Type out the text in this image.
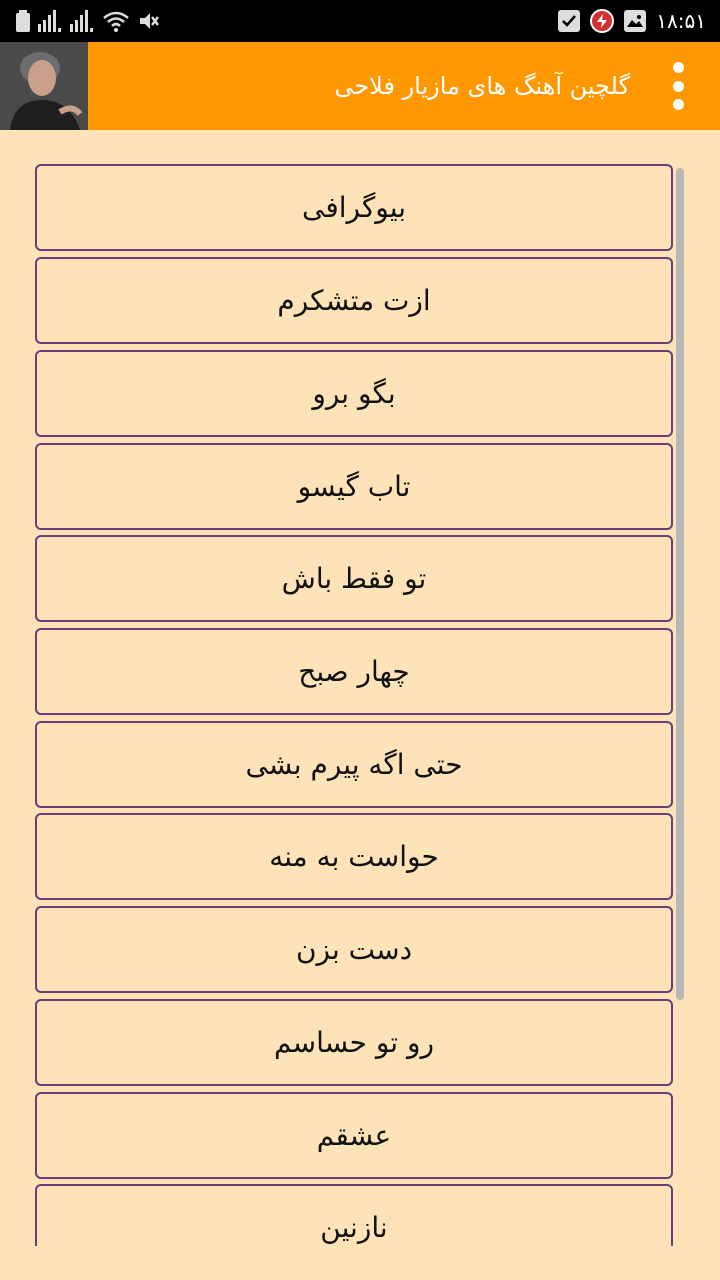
۱۸:۵۱
گلچین آهنگ های مازیار فلاحی
بیوگرافی
ازت متشکرم
بگو برو
تاب گیسو
تو فقط باش
چهار صبح
حتی اگه پیرم بشی
حواست به منه
دست بزن
رو تو حساسم
عشقم
نازنین
